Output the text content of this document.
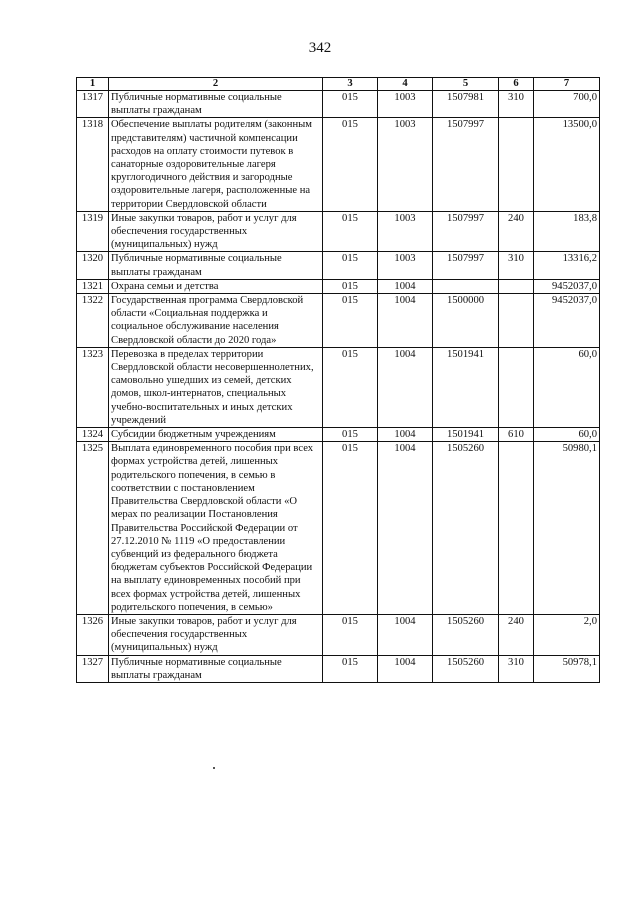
342
1	2	3	4	5	6	7
1317	Публичные нормативные социальные выплаты гражданам	015	1003	1507981	310	700,0
1318	Обеспечение выплаты родителям (законным представителям) частичной компенсации расходов на оплату стоимости путевок в санаторные оздоровительные лагеря круглогодичного действия и загородные оздоровительные лагеря, расположенные на территории Свердловской области	015	1003	1507997		13500,0
1319	Иные закупки товаров, работ и услуг для обеспечения государственных (муниципальных) нужд	015	1003	1507997	240	183,8
1320	Публичные нормативные социальные выплаты гражданам	015	1003	1507997	310	13316,2
1321	Охрана семьи и детства	015	1004			9452037,0
1322	Государственная программа Свердловской области «Социальная поддержка и социальное обслуживание населения Свердловской области до 2020 года»	015	1004	1500000		9452037,0
1323	Перевозка в пределах территории Свердловской области несовершеннолетних, самовольно ушедших из семей, детских домов, школ-интернатов, специальных учебно-воспитательных и иных детских учреждений	015	1004	1501941		60,0
1324	Субсидии бюджетным учреждениям	015	1004	1501941	610	60,0
1325	Выплата единовременного пособия при всех формах устройства детей, лишенных родительского попечения, в семью в соответствии с постановлением Правительства Свердловской области «О мерах по реализации Постановления Правительства Российской Федерации от 27.12.2010 № 1119 «О предоставлении субвенций из федерального бюджета бюджетам субъектов Российской Федерации на выплату единовременных пособий при всех формах устройства детей, лишенных родительского попечения, в семью»	015	1004	1505260		50980,1
1326	Иные закупки товаров, работ и услуг для обеспечения государственных (муниципальных) нужд	015	1004	1505260	240	2,0
1327	Публичные нормативные социальные выплаты гражданам	015	1004	1505260	310	50978,1
